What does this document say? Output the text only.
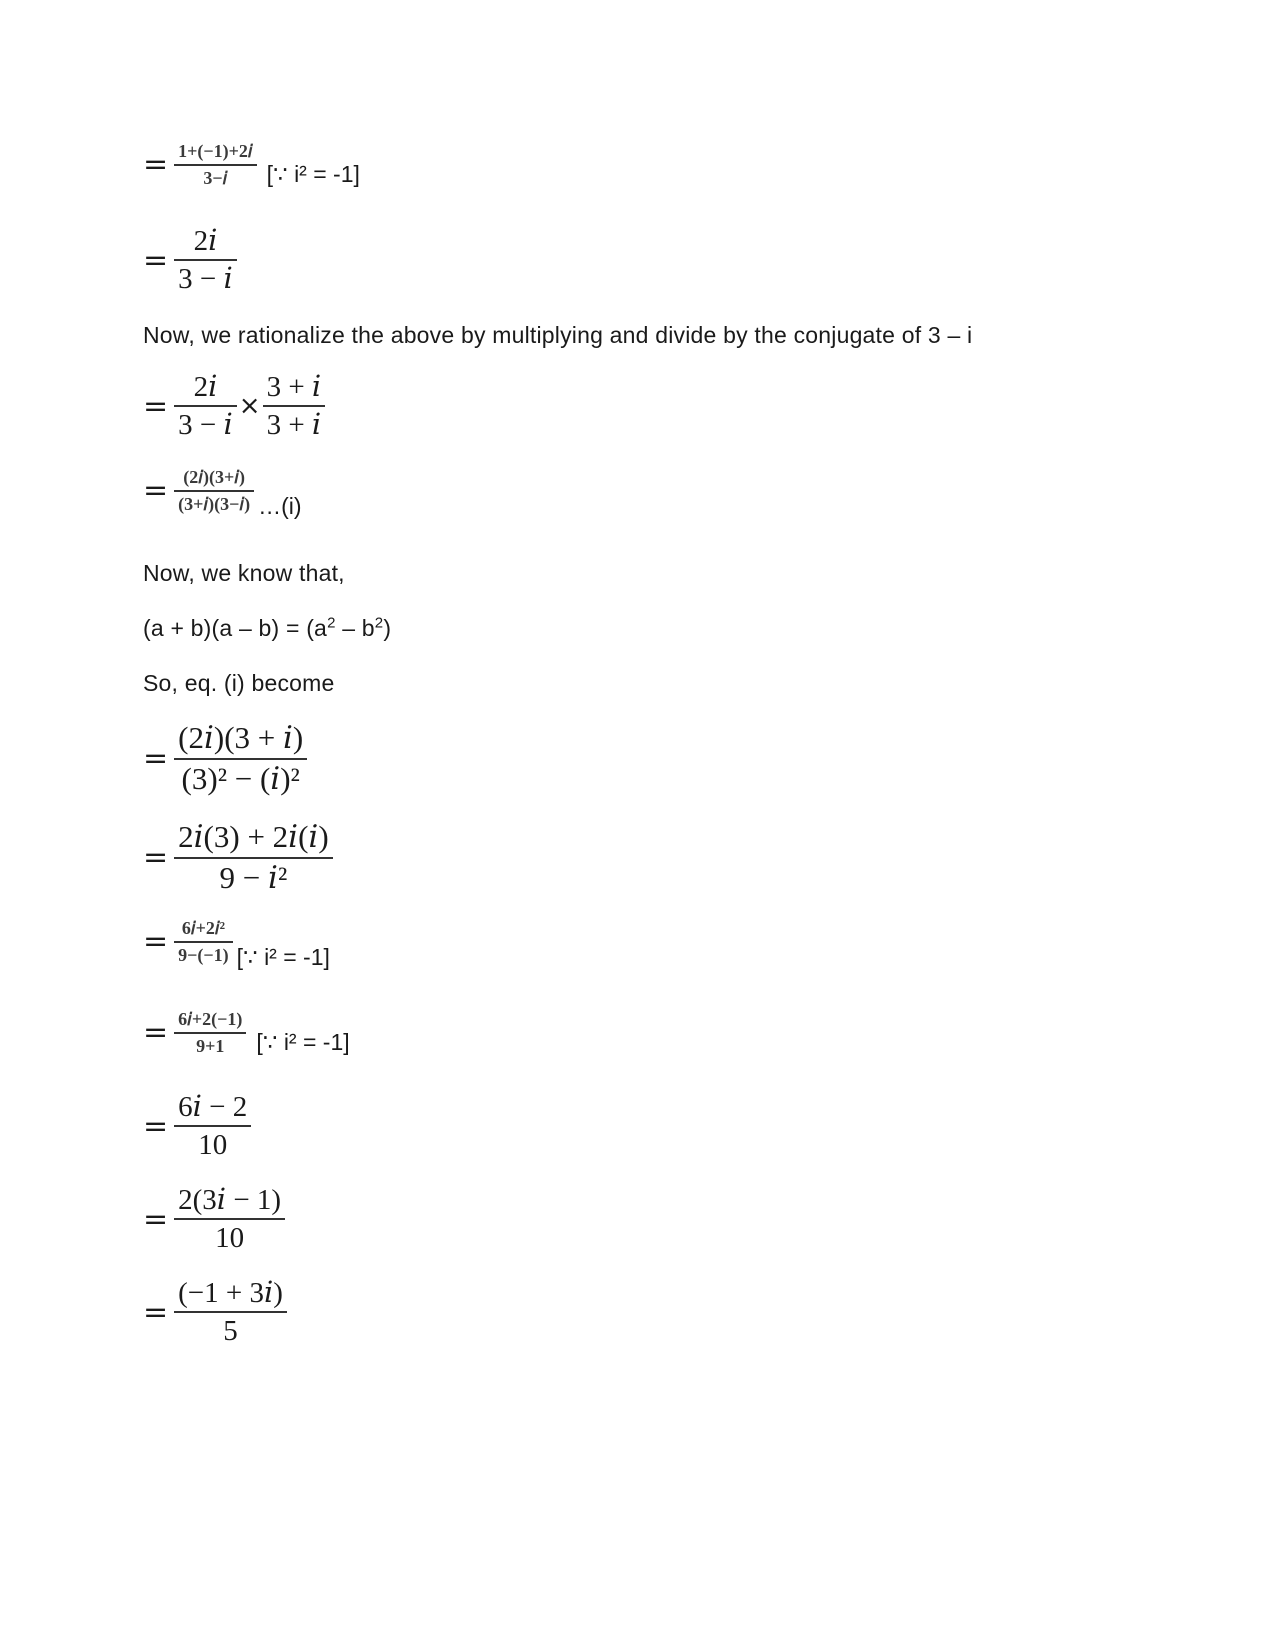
= $\frac{\text{1+(−1)+2𝑖}}{\text{3−𝑖}}$ [∵ i² = -1]
= $\frac{\text{2𝑖}}{\text{3 − 𝑖}}$
Now, we rationalize the above by multiplying and divide by the conjugate of 3 – i
= $\frac{\text{2𝑖}}{\text{3 − 𝑖}} \times \frac{\text{3 + 𝑖}}{\text{3 + 𝑖}}$
= $\frac{\text{(2𝑖)(3+𝑖)}}{\text{(3+𝑖)(3−𝑖)}}$ …(i)
Now, we know that,
$(a + b)(a - b) = (a^2 - b^2)$
So, eq. (i) become
= $\frac{\text{(2𝑖)(3 + 𝑖)}}{\text{(3)² − (𝑖)²}}$
= $\frac{\text{2𝑖(3) + 2𝑖(𝑖)}}{\text{9 − 𝑖²}}$
= $\frac{\text{6𝑖+2𝑖²}}{9-(-1)}$ [∵ i² = -1]
= $\frac{\text{6𝑖+2(−1)}}{9+1}$ [∵ i² = -1]
= $\frac{\text{6𝑖 − 2}}{10}$
= $\frac{\text{2(3𝑖 − 1)}}{10}$
= $\frac{\text{(−1 + 3𝑖)}}{5}$
